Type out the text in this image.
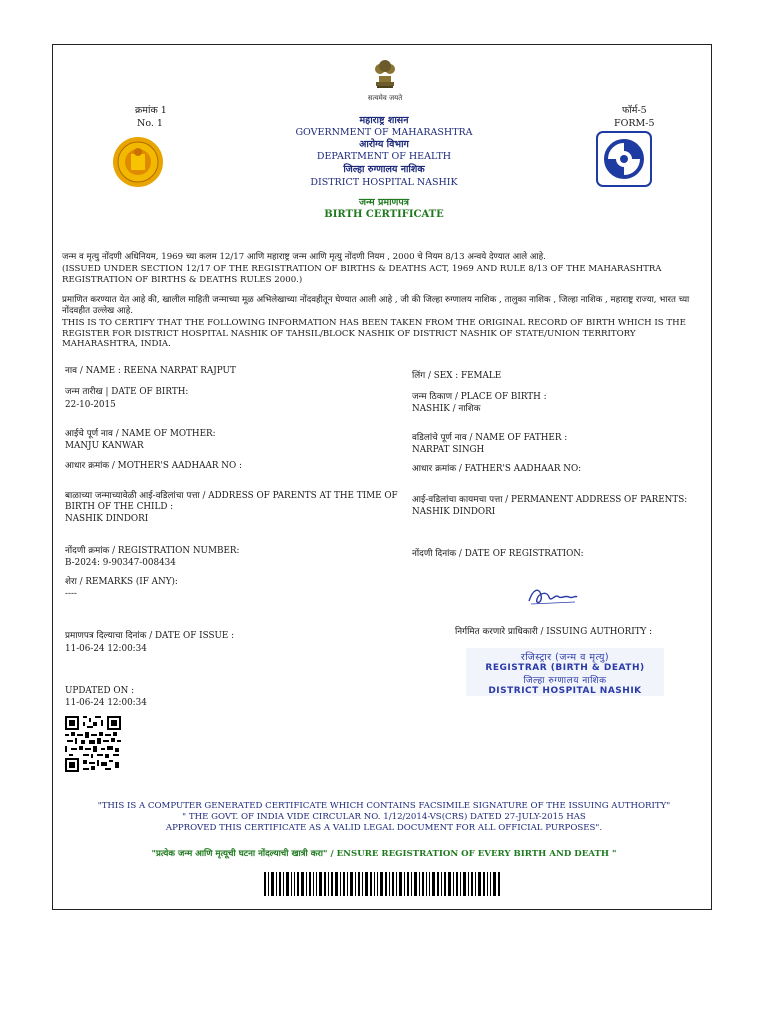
सत्यमेव जयते
क्रमांक 1
No. 1
फॉर्म-5
FORM-5
महाराष्ट्र शासन
GOVERNMENT OF MAHARASHTRA
आरोग्य विभाग
DEPARTMENT OF HEALTH
जिल्हा रुग्णालय नाशिक
DISTRICT HOSPITAL NASHIK
जन्म प्रमाणपत्र
BIRTH CERTIFICATE
जन्म व मृत्यु नोंदणी अधिनियम, 1969 च्या कलम 12/17 आणि महाराष्ट्र जन्म आणि मृत्यु नोंदणी नियम , 2000 चे नियम 8/13 अन्वये देण्यात आले आहे.
(ISSUED UNDER SECTION 12/17 OF THE REGISTRATION OF BIRTHS & DEATHS ACT, 1969 AND RULE 8/13 OF THE MAHARASHTRA REGISTRATION OF BIRTHS & DEATHS RULES 2000.)
प्रमाणित करण्यात येत आहे की, खालील माहिती जन्माच्या मूळ अभिलेखाच्या नोंदवहीतून घेण्यात आली आहे , जी की जिल्हा रुग्णालय नाशिक , तालुका नाशिक , जिल्हा नाशिक , महाराष्ट्र राज्या, भारत च्या नोंदवहीत उल्लेख आहे.
THIS IS TO CERTIFY THAT THE FOLLOWING INFORMATION HAS BEEN TAKEN FROM THE ORIGINAL RECORD OF BIRTH WHICH IS THE REGISTER FOR DISTRICT HOSPITAL NASHIK OF TAHSIL/BLOCK NASHIK OF DISTRICT NASHIK OF STATE/UNION TERRITORY MAHARASHTRA, INDIA.
नाव / NAME : REENA NARPAT RAJPUT
जन्म तारीख | DATE OF BIRTH:
22-10-2015
आईचे पूर्ण नाव / NAME OF MOTHER:
MANJU KANWAR
आधार क्रमांक / MOTHER'S AADHAAR NO :
बाळाच्या जन्माच्यावेळी आई-वडिलांचा पत्ता / ADDRESS OF PARENTS AT THE TIME OF BIRTH OF THE CHILD :
NASHIK DINDORI
नोंदणी क्रमांक / REGISTRATION NUMBER:
B-2024: 9-90347-008434
शेरा / REMARKS (IF ANY):
----
प्रमाणपत्र दिल्याचा दिनांक / DATE OF ISSUE :
11-06-24 12:00:34
UPDATED ON :
11-06-24 12:00:34
लिंग / SEX : FEMALE
जन्म ठिकाण / PLACE OF BIRTH :
NASHIK / नाशिक
वडिलांचे पूर्ण नाव / NAME OF FATHER :
NARPAT SINGH
आधार क्रमांक / FATHER'S AADHAAR NO:
आई-वडिलांचा कायमचा पत्ता / PERMANENT ADDRESS OF PARENTS:
NASHIK DINDORI
नोंदणी दिनांक / DATE OF REGISTRATION:
निर्गमित करणारे प्राधिकारी / ISSUING AUTHORITY :
रजिस्ट्रार (जन्म व मृत्यु)
REGISTRAR (BIRTH & DEATH)
जिल्हा रुग्णालय नाशिक
DISTRICT HOSPITAL NASHIK
"THIS IS A COMPUTER GENERATED CERTIFICATE WHICH CONTAINS FACSIMILE SIGNATURE OF THE ISSUING AUTHORITY"
" THE GOVT. OF INDIA VIDE CIRCULAR NO. 1/12/2014-VS(CRS) DATED 27-JULY-2015 HAS
APPROVED THIS CERTIFICATE AS A VALID LEGAL DOCUMENT FOR ALL OFFICIAL PURPOSES".
"प्रत्येक जन्म आणि मृत्यूची घटना नोंदल्याची खात्री करा" / ENSURE REGISTRATION OF EVERY BIRTH AND DEATH "
